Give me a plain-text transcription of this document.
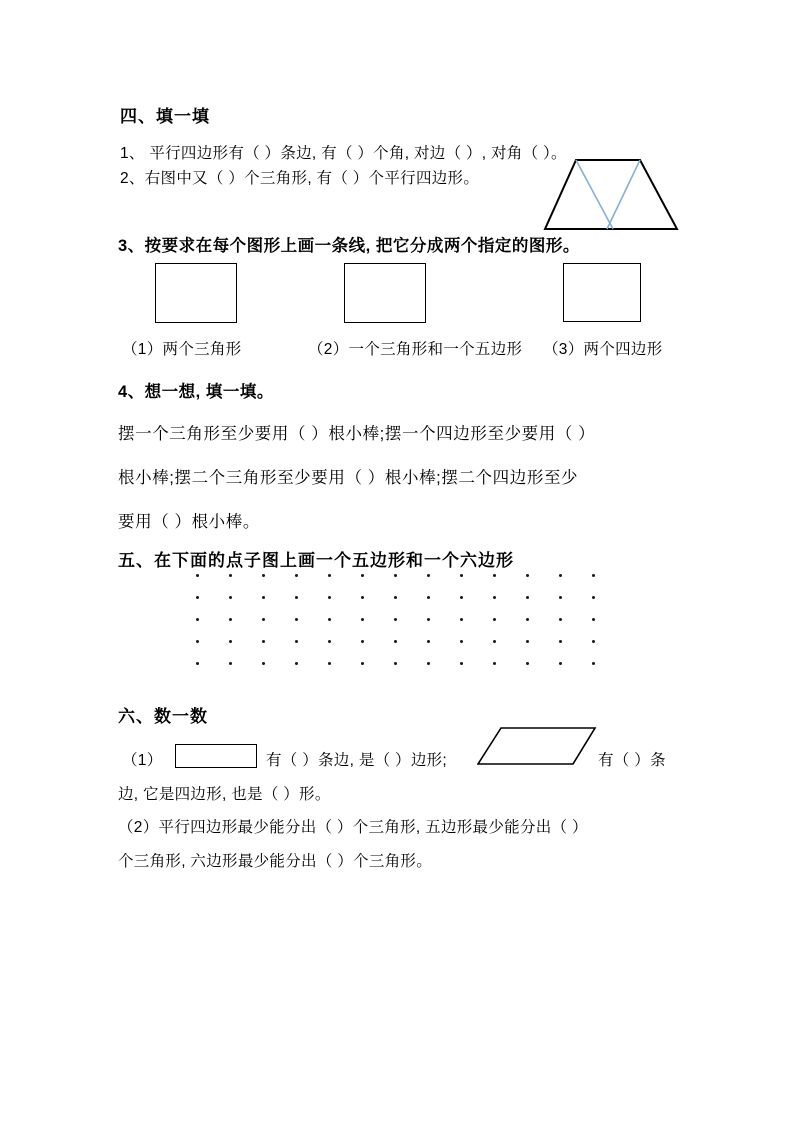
四、填一填
1、 平行四边形有（ ）条边, 有（ ）个角, 对边（ ）, 对角（ ）。
2、右图中又（ ）个三角形, 有（ ）个平行四边形。
3、按要求在每个图形上画一条线, 把它分成两个指定的图形。
（1）两个三角形	（2）一个三角形和一个五边形 （3）两个四边形
4、想一想, 填一填。
摆一个三角形至少要用（ ）根小棒;摆一个四边形至少要用（ ）
根小棒;摆二个三角形至少要用（ ）根小棒;摆二个四边形至少
要用（ ）根小棒。
五、在下面的点子图上画一个五边形和一个六边形
六、数一数
（1）	有（ ）条边, 是（ ）边形;	有（ ）条
边, 它是四边形, 也是（ ）形。
（2）平行四边形最少能分出（ ）个三角形, 五边形最少能分出（ ）
个三角形, 六边形最少能分出（ ）个三角形。
